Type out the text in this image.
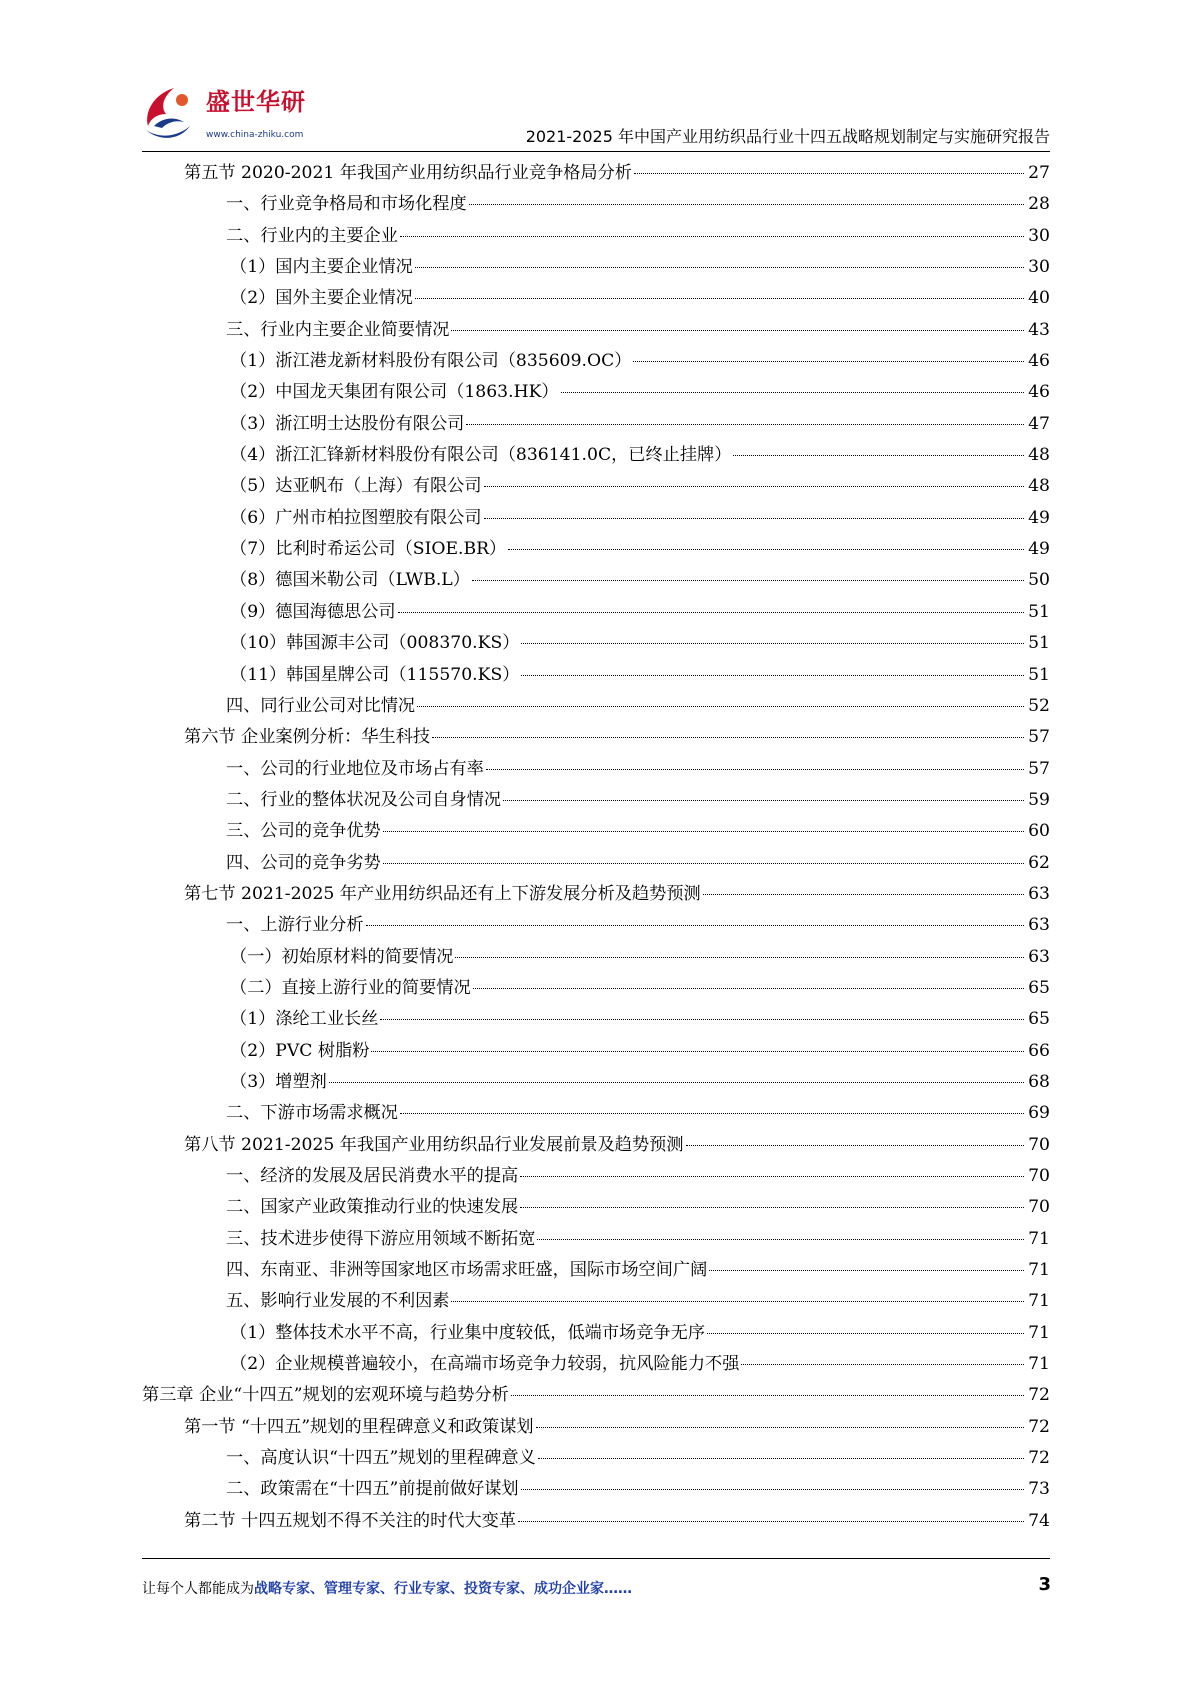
盛世华研
www.china-zhiku.com	2021-2025 年中国产业用纺织品行业十四五战略规划制定与实施研究报告
第五节 2020-2021 年我国产业用纺织品行业竞争格局分析	27
一、行业竞争格局和市场化程度	28
二、行业内的主要企业	30
（1）国内主要企业情况	30
（2）国外主要企业情况	40
三、行业内主要企业简要情况	43
（1）浙江港龙新材料股份有限公司（835609.OC）	46
（2）中国龙天集团有限公司（1863.HK）	46
（3）浙江明士达股份有限公司	47
（4）浙江汇锋新材料股份有限公司（836141.0C，已终止挂牌）	48
（5）达亚帆布（上海）有限公司	48
（6）广州市柏拉图塑胶有限公司	49
（7）比利时希运公司（SIOE.BR）	49
（8）德国米勒公司（LWB.L）	50
（9）德国海德思公司	51
（10）韩国源丰公司（008370.KS）	51
（11）韩国星牌公司（115570.KS）	51
四、同行业公司对比情况	52
第六节 企业案例分析：华生科技	57
一、公司的行业地位及市场占有率	57
二、行业的整体状况及公司自身情况	59
三、公司的竞争优势	60
四、公司的竞争劣势	62
第七节 2021-2025 年产业用纺织品还有上下游发展分析及趋势预测	63
一、上游行业分析	63
（一）初始原材料的简要情况	63
（二）直接上游行业的简要情况	65
（1）涤纶工业长丝	65
（2）PVC 树脂粉	66
（3）增塑剂	68
二、下游市场需求概况	69
第八节 2021-2025 年我国产业用纺织品行业发展前景及趋势预测	70
一、经济的发展及居民消费水平的提高	70
二、国家产业政策推动行业的快速发展	70
三、技术进步使得下游应用领域不断拓宽	71
四、东南亚、非洲等国家地区市场需求旺盛，国际市场空间广阔	71
五、影响行业发展的不利因素	71
（1）整体技术水平不高，行业集中度较低，低端市场竞争无序	71
（2）企业规模普遍较小，在高端市场竞争力较弱，抗风险能力不强	71
第三章 企业“十四五”规划的宏观环境与趋势分析	72
第一节 “十四五”规划的里程碑意义和政策谋划	72
一、高度认识“十四五”规划的里程碑意义	72
二、政策需在“十四五”前提前做好谋划	73
第二节 十四五规划不得不关注的时代大变革	74
让每个人都能成为战略专家、管理专家、行业专家、投资专家、成功企业家……	3
